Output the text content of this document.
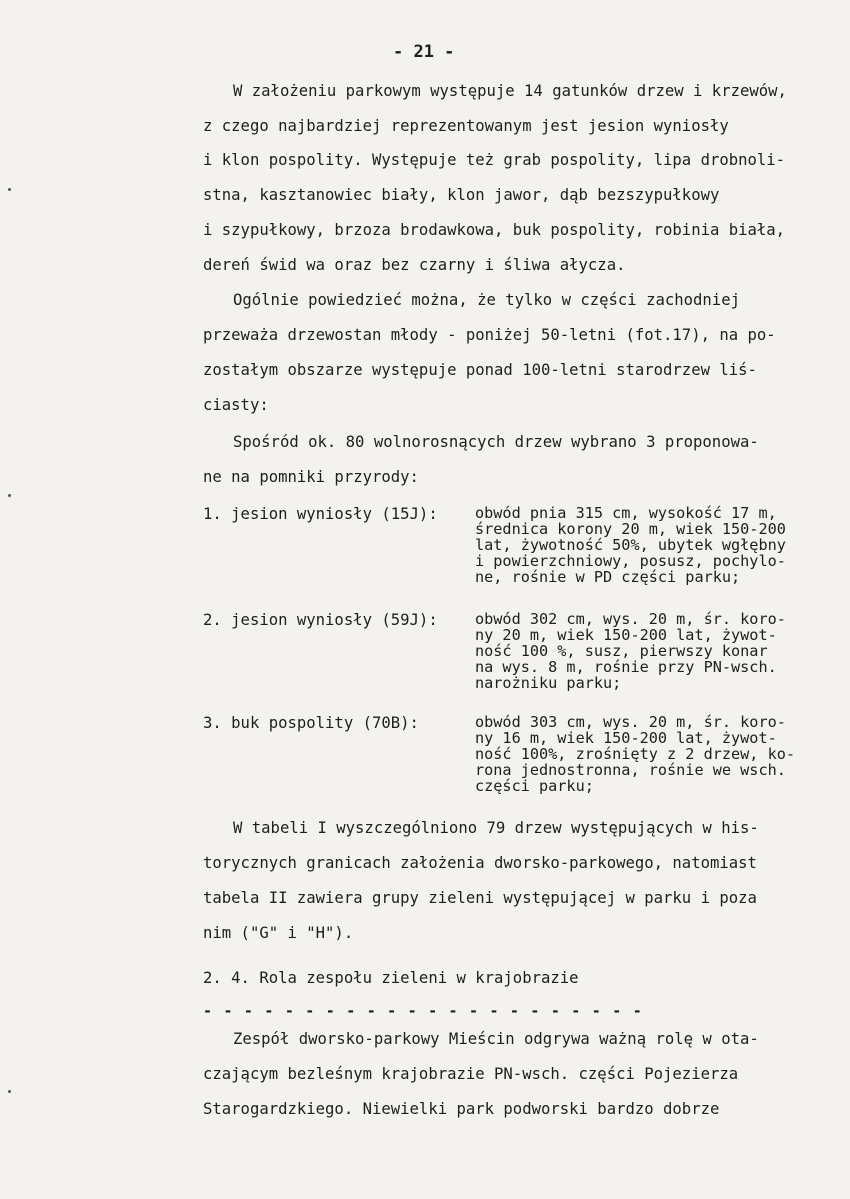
- 21 -
W założeniu parkowym występuje 14 gatunków drzew i krzewów,
z czego najbardziej reprezentowanym jest jesion wyniosły
i klon pospolity. Występuje też grab pospolity, lipa drobnoli-
stna, kasztanowiec biały, klon jawor, dąb bezszypułkowy
i szypułkowy, brzoza brodawkowa, buk pospolity, robinia biała,
dereń świd wa oraz bez czarny i śliwa ałycza.
Ogólnie powiedzieć można, że tylko w części zachodniej
przeważa drzewostan młody - poniżej 50-letni (fot.17), na po-
zostałym obszarze występuje ponad 100-letni starodrzew liś-
ciasty:
Spośród ok. 80 wolnorosnących drzew wybrano 3 proponowa-
ne na pomniki przyrody:
1. jesion wyniosły (15J): obwód pnia 315 cm, wysokość 17 m,
średnica korony 20 m, wiek 150-200
lat, żywotność 50%, ubytek wgłębny
i powierzchniowy, posusz, pochylo-
ne, rośnie w PD części parku;
2. jesion wyniosły (59J): obwód 302 cm, wys. 20 m, śr. koro-
ny 20 m, wiek 150-200 lat, żywot-
ność 100 %, susz, pierwszy konar
na wys. 8 m, rośnie przy PN-wsch.
narożniku parku;
3. buk pospolity (70B):	obwód 303 cm, wys. 20 m, śr. koro-
ny 16 m, wiek 150-200 lat, żywot-
ność 100%, zrośnięty z 2 drzew, ko-
rona jednostronna, rośnie we wsch.
części parku;
W tabeli I wyszczególniono 79 drzew występujących w his-
torycznych granicach założenia dworsko-parkowego, natomiast
tabela II zawiera grupy zieleni występującej w parku i poza
nim ("G" i "H").
2. 4. Rola zespołu zieleni w krajobrazie
- - - - - - - - - - - - - - - - - - - - - -
Zespół dworsko-parkowy Mieścin odgrywa ważną rolę w ota-
czającym bezleśnym krajobrazie PN-wsch. części Pojezierza
Starogardzkiego. Niewielki park podworski bardzo dobrze
